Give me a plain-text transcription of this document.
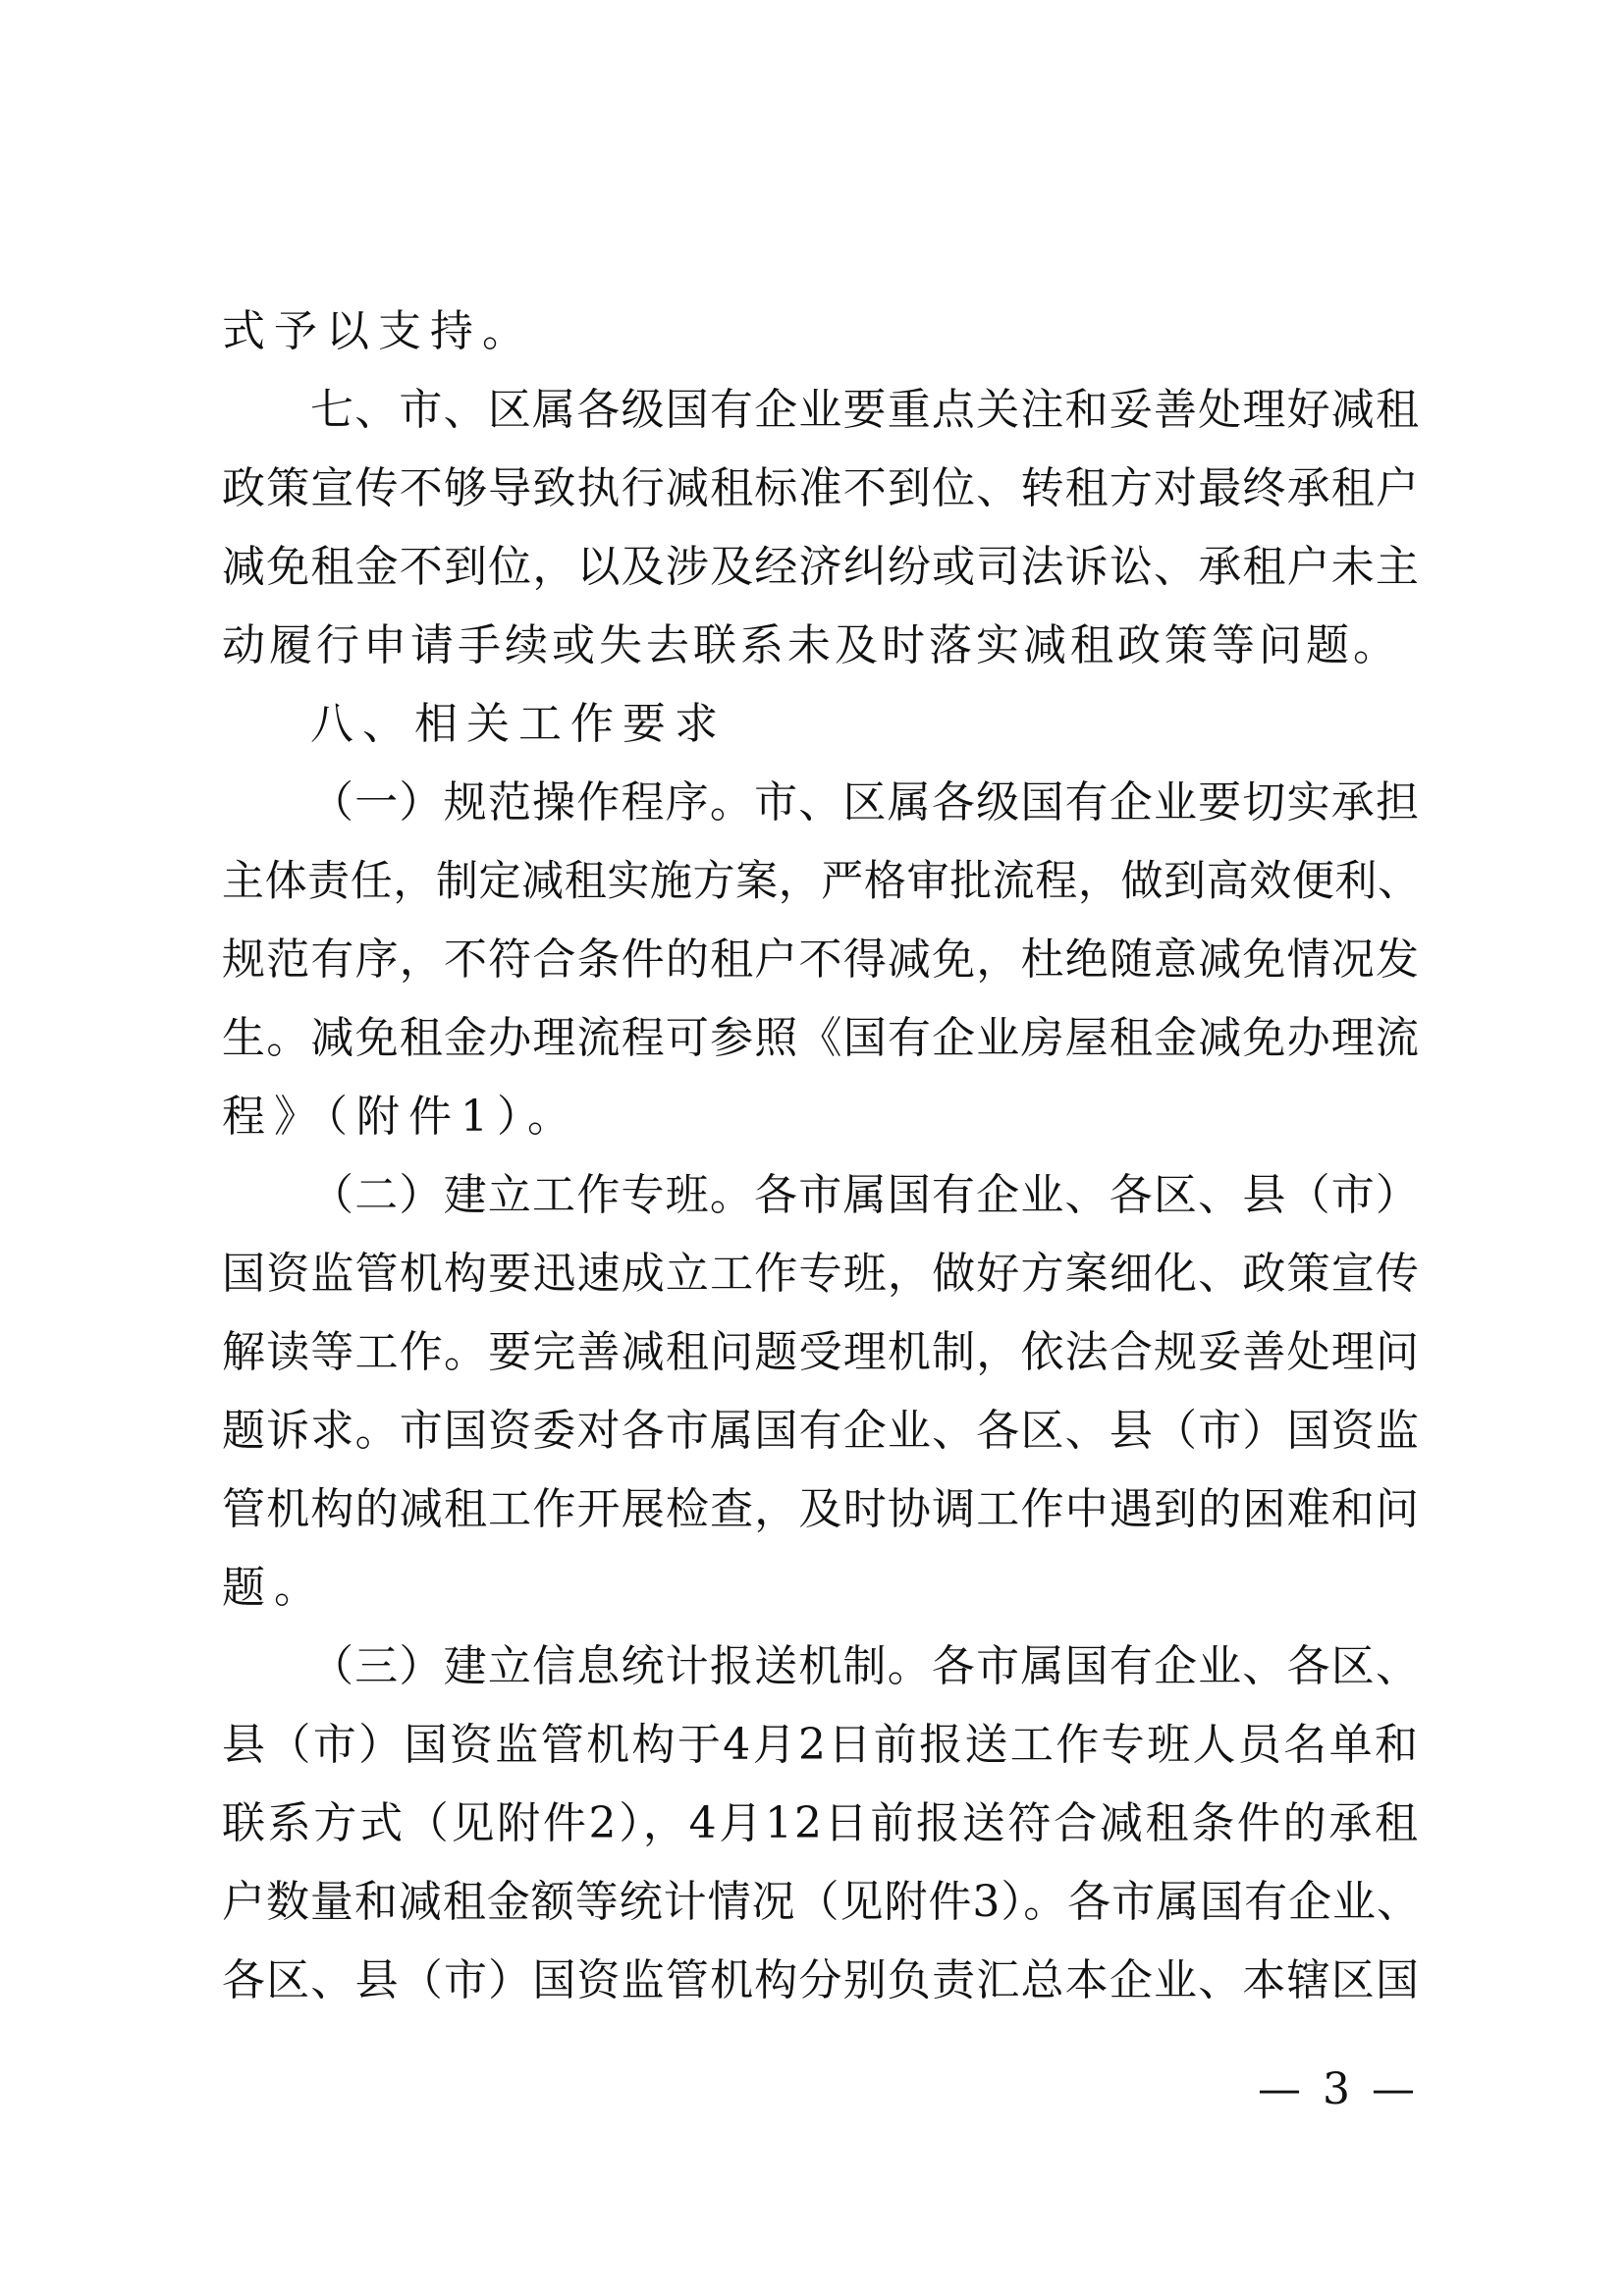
式予以支持。
七、市、区属各级国有企业要重点关注和妥善处理好减租
政策宣传不够导致执行减租标准不到位、转租方对最终承租户
减免租金不到位，以及涉及经济纠纷或司法诉讼、承租户未主
动履行申请手续或失去联系未及时落实减租政策等问题。
八、相关工作要求
（一）规范操作程序。市、区属各级国有企业要切实承担
主体责任，制定减租实施方案，严格审批流程，做到高效便利、
规范有序，不符合条件的租户不得减免，杜绝随意减免情况发
生。减免租金办理流程可参照《国有企业房屋租金减免办理流
程》（附件1）。
（二）建立工作专班。各市属国有企业、各区、县（市）
国资监管机构要迅速成立工作专班，做好方案细化、政策宣传
解读等工作。要完善减租问题受理机制，依法合规妥善处理问
题诉求。市国资委对各市属国有企业、各区、县（市）国资监
管机构的减租工作开展检查，及时协调工作中遇到的困难和问
题。
（三）建立信息统计报送机制。各市属国有企业、各区、
县（市）国资监管机构于4月2日前报送工作专班人员名单和
联系方式（见附件2），4月12日前报送符合减租条件的承租
户数量和减租金额等统计情况（见附件3）。各市属国有企业、
各区、县（市）国资监管机构分别负责汇总本企业、本辖区国
— 3 —
